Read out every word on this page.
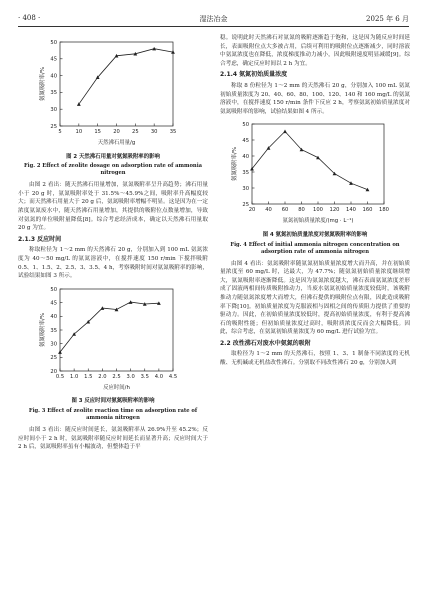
· 408 ·	湿法冶金	2025 年 6 月
5	10 15 20 25 30 35
25
30
35
40
45
50
天然沸石用量/g
氨氮吸附率/%

图 2 天然沸石用量对氨氮吸附率的影响

Fig. 2 Effect of zeolite dosage on adsorption rate of ammonia nitrogen

由图 2 看出：随天然沸石用量增加，氨氮吸附率呈升高趋势；沸石用量小于 20 g 时，氨氮吸附率处于 31.5%～45.9%之间，吸附率升高幅度较大；而天然沸石用量大于 20 g 后，氨氮吸附率增幅不明显。这是因为在一定浓度氨氮废水中，随天然沸石用量增加，其提供的吸附位点数量增加，导致对氨氮的单位吸附量降低[8]。综合考虑经济成本，确定以天然沸石用量取 20 g 为宜。

2.1.3 反应时间

称取粒径为 1～2 mm 的天然沸石 20 g，分别加入到 100 mL 氨氮浓度为 40～50 mg/L 的氨氮溶液中，在搅拌速度 150 r/min 下搅拌吸附 0.5、1、1.5、2、2.5、3、3.5、4 h，考察吸附时间对氨氮吸附率的影响，试验结果如图 3 所示。

0.5 1.0 1.5 2.0 2.5 3.0 3.5 4.0 4.5
20
25
30
35
40
45
50
反应时间/h
氨氮吸附率/%

图 3 反应时间对氨氮吸附率的影响

Fig. 3 Effect of zeolite reaction time on adsorption rate of ammonia nitrogen

由图 3 看出：随反应时间延长，氨氮吸附率从 26.9%升至 45.2%；反应时间小于 2 h 时，氨氮吸附率随反应时间延长而显著升高；反应时间大于 2 h 后，氨氮吸附率虽有小幅波动，但整体趋于平

稳。说明此时天然沸石对氨氮的吸附逐渐趋于饱和，这是因为随反应时间延长，表面吸附位点大多被占用，后续可利用的吸附位点逐渐减少，同时溶液中氨氮浓度也在降低，浓度梯度推动力减小，因此吸附速度明显减缓[9]。综合考虑，确定反应时间以 2 h 为宜。

2.1.4 氨氮初始质量浓度

称取 8 份粒径为 1～2 mm 的天然沸石 20 g，分别加入 100 mL 氨氮初始质量浓度为 20、40、60、80、100、120、140 和 160 mg/L 的氨氮溶液中，在搅拌速度 150 r/min 条件下反应 2 h，考察氨氮初始质量浓度对氨氮吸附率的影响，试验结果如图 4 所示。

20 40 60 80 100 120 140 160 180
25
30
35
40
45
50
氨氮初始质量浓度/(mg · L⁻¹)
氨氮吸附率/%

图 4 氨氮初始质量浓度对氨氮吸附率的影响

Fig. 4 Effect of initial ammonia nitrogen concentration on adsorption rate of ammonia nitrogen

由图 4 看出：氨氮吸附率随氨氮初始质量浓度增大而升高，并在初始质量浓度至 60 mg/L 时，达最大，为 47.7%；随氨氮初始质量浓度继续增大，氨氮吸附率逐渐降低。这是因为氨氮浓度越大，沸石表面氨氮浓度差形成了固液两相间传质吸附推动力，当废水氨氮初始质量浓度较低时，该吸附推动力随氨氮浓度增大而增大，但沸石提供的吸附位点有限，因此造成吸附率下降[10]。初始质量浓度为克服液相与固相之间的传质阻力提供了重要的驱动力。因此，在初始质量浓度较低时，提高初始质量浓度，有利于提高沸石的吸附性能；但初始质量浓度过高时，吸附质浓度反而会大幅降低。因此，综合考虑，在氨氮初始质量浓度为 60 mg/L 进行试验为宜。

2.2 改性沸石对废水中氨氮的吸附

取粒径为 1～2 mm 的天然沸石，按照 1、3、1 制备不同浓度的无机酸、无机碱或无机盐改性沸石。分别取不同改性沸石 20 g，分别加入到
